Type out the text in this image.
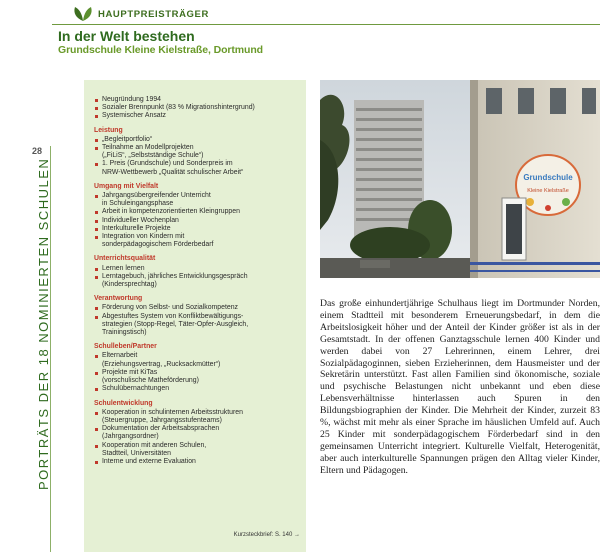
HAUPTPREISTRÄGER
In der Welt bestehen
Grundschule Kleine Kielstraße, Dortmund
28
PORTRÄTS DER 18 NOMINIERTEN SCHULEN
Neugründung 1994
Sozialer Brennpunkt (83 % Migrationshintergrund)
Systemischer Ansatz
Leistung
„Begleitportfolio“
Teilnahme an Modellprojekten
(„FiLiS“, „Selbstständige Schule“)
1. Preis (Grundschule) und Sonderpreis im
NRW-Wettbewerb „Qualität schulischer Arbeit“
Umgang mit Vielfalt
Jahrgangsübergreifender Unterricht
in Schuleingangsphase
Arbeit in kompetenzorientierten Kleingruppen
Individueller Wochenplan
Interkulturelle Projekte
Integration von Kindern mit
sonderpädagogischem Förderbedarf
Unterrichtsqualität
Lernen lernen
Lerntagebuch, jährliches Entwicklungsgespräch
(Kindersprechtag)
Verantwortung
Förderung von Selbst- und Sozialkompetenz
Abgestuftes System von Konfliktbewältigungs-
strategien (Stopp-Regel, Täter-Opfer-Ausgleich,
Trainingstisch)
Schulleben/Partner
Elternarbeit
(Erziehungsvertrag, „Rucksackmütter“)
Projekte mit KiTas
(vorschulische Matheförderung)
Schulübernachtungen
Schulentwicklung
Kooperation in schulinternen Arbeitsstrukturen
(Steuergruppe, Jahrgangsstufenteams)
Dokumentation der Arbeitsabsprachen
(Jahrgangsordner)
Kooperation mit anderen Schulen,
Stadtteil, Universitäten
Interne und externe Evaluation
Kurzsteckbrief: S. 140 →
Grundschule
Kleine Kielstraße
Das große einhundertjährige Schulhaus liegt im Dortmunder Norden, einem Stadtteil mit besonderem Erneuerungsbedarf, in dem die Arbeitslosigkeit höher und der Anteil der Kinder größer ist als in der Gesamtstadt. In der offenen Ganztagsschule lernen 400 Kinder und werden dabei von 27 Lehrerinnen, einem Lehrer, drei Sozialpädagoginnen, sieben Erzieherinnen, dem Hausmeister und der Sekretärin unterstützt. Fast allen Familien sind ökonomische, soziale und psychische Belastungen nicht unbekannt und eben diese Lebensverhältnisse hinterlassen auch Spuren in den Bildungsbiographien der Kinder. Die Mehrheit der Kinder, zurzeit 83 %, wächst mit mehr als einer Sprache im häuslichen Umfeld auf. Auch 25 Kinder mit sonderpädagogischem Förderbedarf sind in den gemeinsamen Unterricht integriert. Kulturelle Vielfalt, Heterogenität, aber auch interkulturelle Spannungen prägen den Alltag vieler Kinder, Eltern und Pädagogen.
